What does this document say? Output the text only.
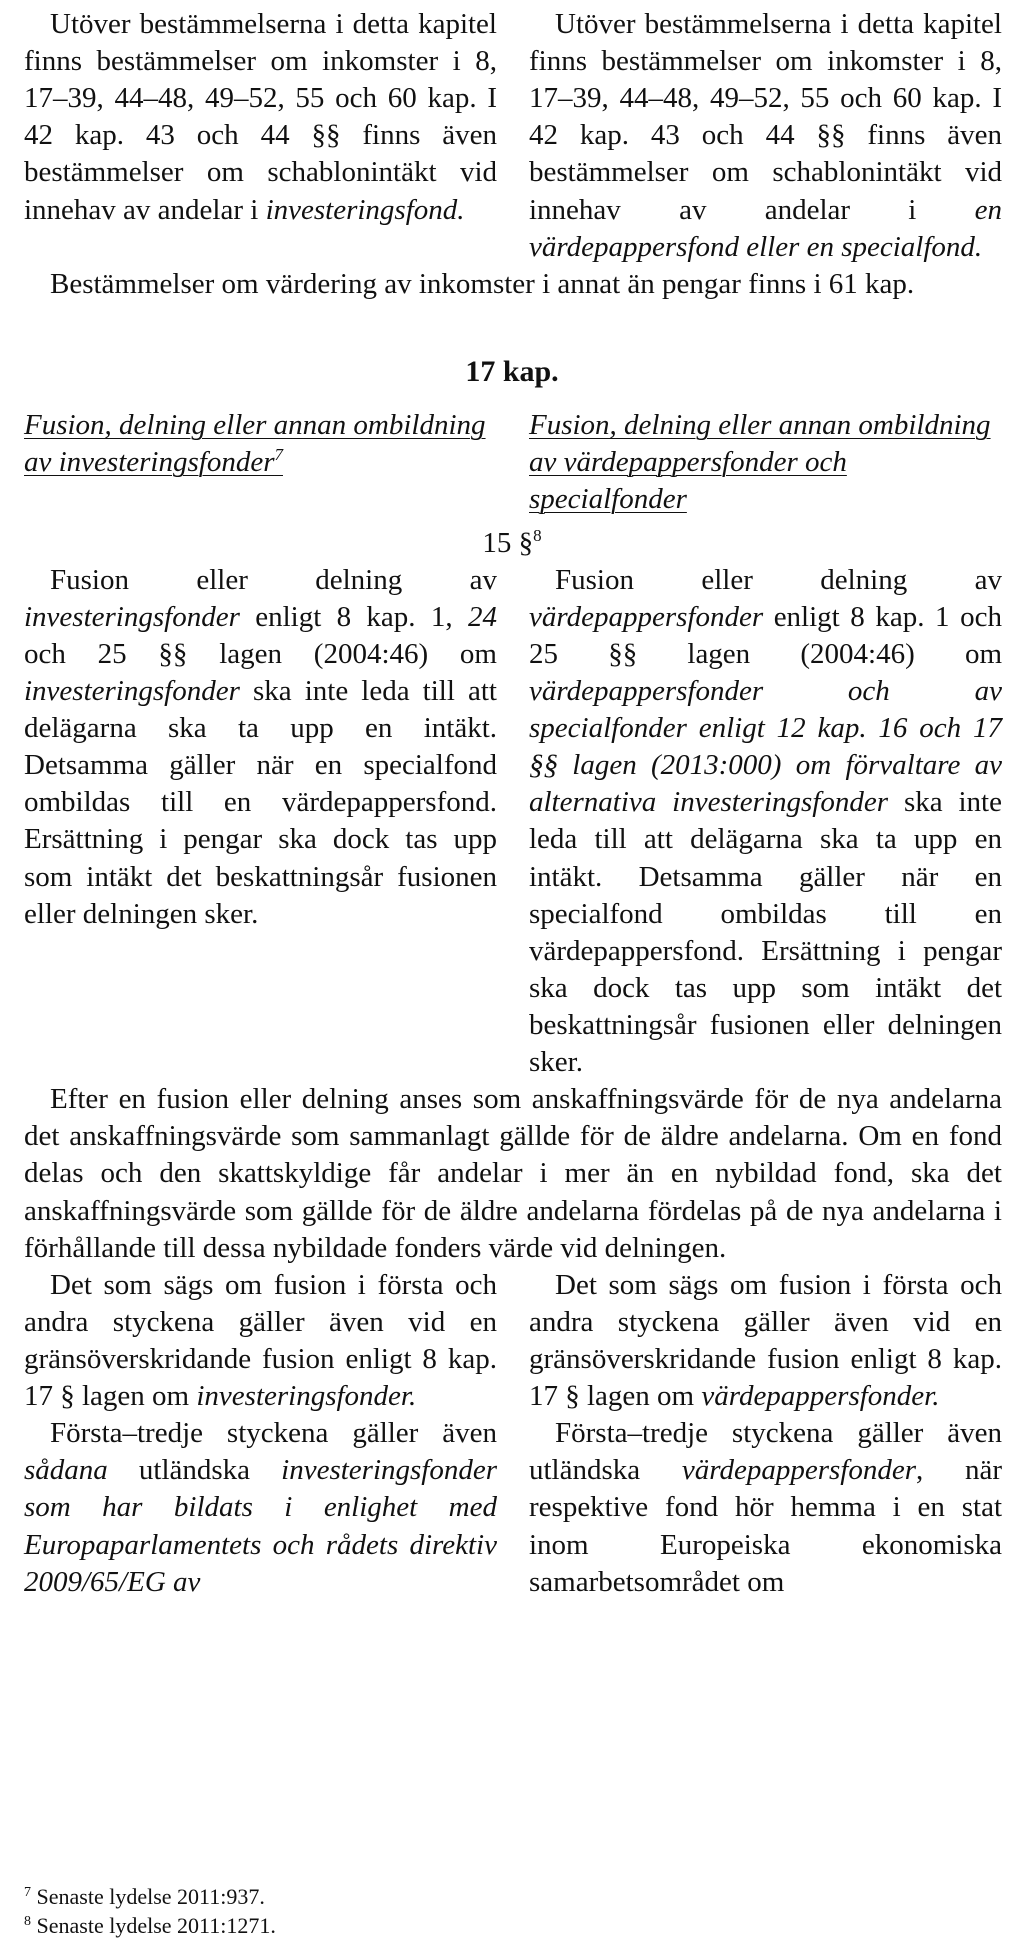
Utöver bestämmelserna i detta kapitel finns bestämmelser om inkomster i 8, 17–39, 44–48, 49–52, 55 och 60 kap. I 42 kap. 43 och 44 §§ finns även bestämmelser om schablonintäkt vid innehav av andelar i investeringsfond.

Utöver bestämmelserna i detta kapitel finns bestämmelser om inkomster i 8, 17–39, 44–48, 49–52, 55 och 60 kap. I 42 kap. 43 och 44 §§ finns även bestämmelser om schablonintäkt vid innehav av andelar i en värdepappersfond eller en specialfond.

Bestämmelser om värdering av inkomster i annat än pengar finns i 61 kap.

17 kap.
Fusion, delning eller annan ombildning av investeringsfonder$^7$
Fusion, delning eller annan ombildning av värdepappersfonder och specialfonder
15 §$^8$

Fusion eller delning av investeringsfonder enligt 8 kap. 1, 24 och 25 §§ lagen (2004:46) om investeringsfonder ska inte leda till att delägarna ska ta upp en intäkt. Detsamma gäller när en specialfond ombildas till en värdepappersfond. Ersättning i pengar ska dock tas upp som intäkt det beskattningsår fusionen eller delningen sker.

Fusion eller delning av värdepappersfonder enligt 8 kap. 1 och 25 §§ lagen (2004:46) om värdepappersfonder och av specialfonder enligt 12 kap. 16 och 17 §§ lagen (2013:000) om förvaltare av alternativa investeringsfonder ska inte leda till att delägarna ska ta upp en intäkt. Detsamma gäller när en specialfond ombildas till en värdepappersfond. Ersättning i pengar ska dock tas upp som intäkt det beskattningsår fusionen eller delningen sker.

Efter en fusion eller delning anses som anskaffningsvärde för de nya andelarna det anskaffningsvärde som sammanlagt gällde för de äldre andelarna. Om en fond delas och den skattskyldige får andelar i mer än en nybildad fond, ska det anskaffningsvärde som gällde för de äldre andelarna fördelas på de nya andelarna i förhållande till dessa nybildade fonders värde vid delningen.

Det som sägs om fusion i första och andra styckena gäller även vid en gränsöverskridande fusion enligt 8 kap. 17 § lagen om investeringsfonder.

Det som sägs om fusion i första och andra styckena gäller även vid en gränsöverskridande fusion enligt 8 kap. 17 § lagen om värdepappersfonder.

Första–tredje styckena gäller även sådana utländska investeringsfonder som har bildats i enlighet med Europaparlamentets och rådets direktiv 2009/65/EG av

Första–tredje styckena gäller även utländska värdepappersfonder, när respektive fond hör hemma i en stat inom Europeiska ekonomiska samarbetsområdet om

$^7$ Senaste lydelse 2011:937.
$^8$ Senaste lydelse 2011:1271.
